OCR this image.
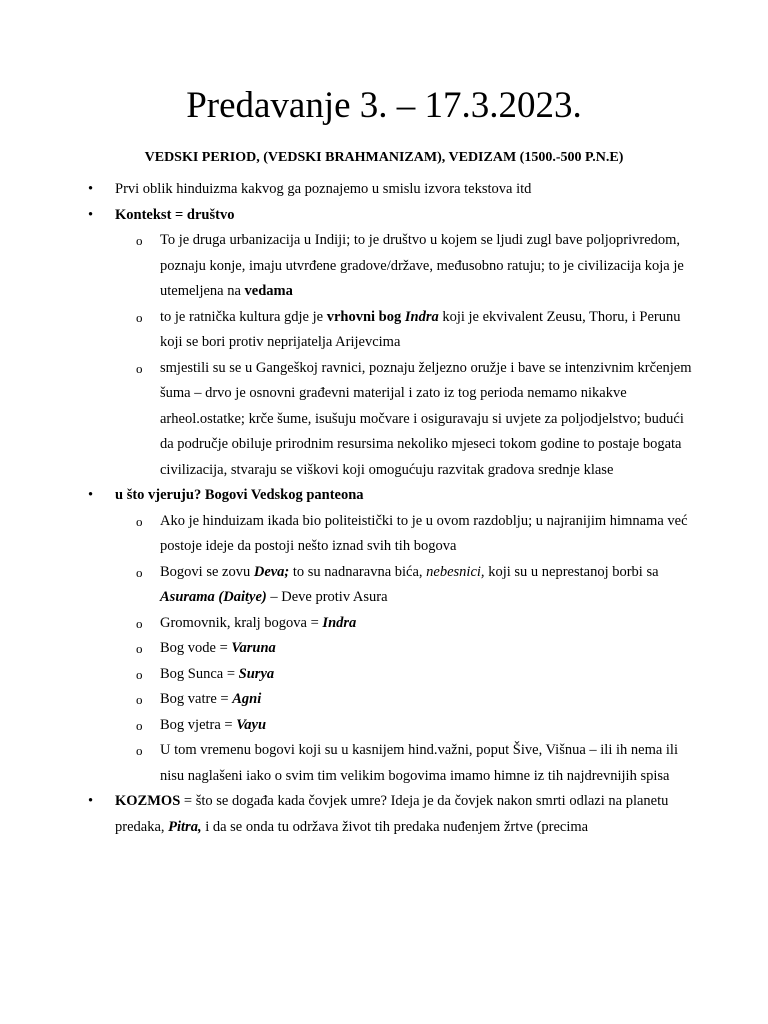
Predavanje 3. – 17.3.2023.

VEDSKI PERIOD, (VEDSKI BRAHMANIZAM), VEDIZAM (1500.-500 P.N.E)

• Prvi oblik hinduizma kakvog ga poznajemo u smislu izvora tekstova itd
• Kontekst = društvo
o To je druga urbanizacija u Indiji; to je društvo u kojem se ljudi zugl bave poljoprivredom, poznaju konje, imaju utvrđene gradove/države, međusobno ratuju; to je civilizacija koja je utemeljena na vedama
o to je ratnička kultura gdje je vrhovni bog Indra koji je ekvivalent Zeusu, Thoru, i Perunu koji se bori protiv neprijatelja Arijevcima
o smjestili su se u Gangeškoj ravnici, poznaju željezno oružje i bave se intenzivnim krčenjem šuma – drvo je osnovni građevni materijal i zato iz tog perioda nemamo nikakve arheol.ostatke; krče šume, isušuju močvare i osiguravaju si uvjete za poljodjelstvo; budući da područje obiluje prirodnim resursima nekoliko mjeseci tokom godine to postaje bogata civilizacija, stvaraju se viškovi koji omogućuju razvitak gradova srednje klase
• u što vjeruju? Bogovi Vedskog panteona
o Ako je hinduizam ikada bio politeistički to je u ovom razdoblju; u najranijim himnama već postoje ideje da postoji nešto iznad svih tih bogova
o Bogovi se zovu Deva; to su nadnaravna bića, nebesnici, koji su u neprestanoj borbi sa Asurama (Daitye) – Deve protiv Asura
o Gromovnik, kralj bogova = Indra
o Bog vode = Varuna
o Bog Sunca = Surya
o Bog vatre = Agni
o Bog vjetra = Vayu
o U tom vremenu bogovi koji su u kasnijem hind.važni, poput Šive, Višnua – ili ih nema ili nisu naglašeni iako o svim tim velikim bogovima imamo himne iz tih najdrevnijih spisa
• KOZMOS = što se događa kada čovjek umre? Ideja je da čovjek nakon smrti odlazi na planetu predaka, Pitra, i da se onda tu održava život tih predaka nuđenjem žrtve (precima
